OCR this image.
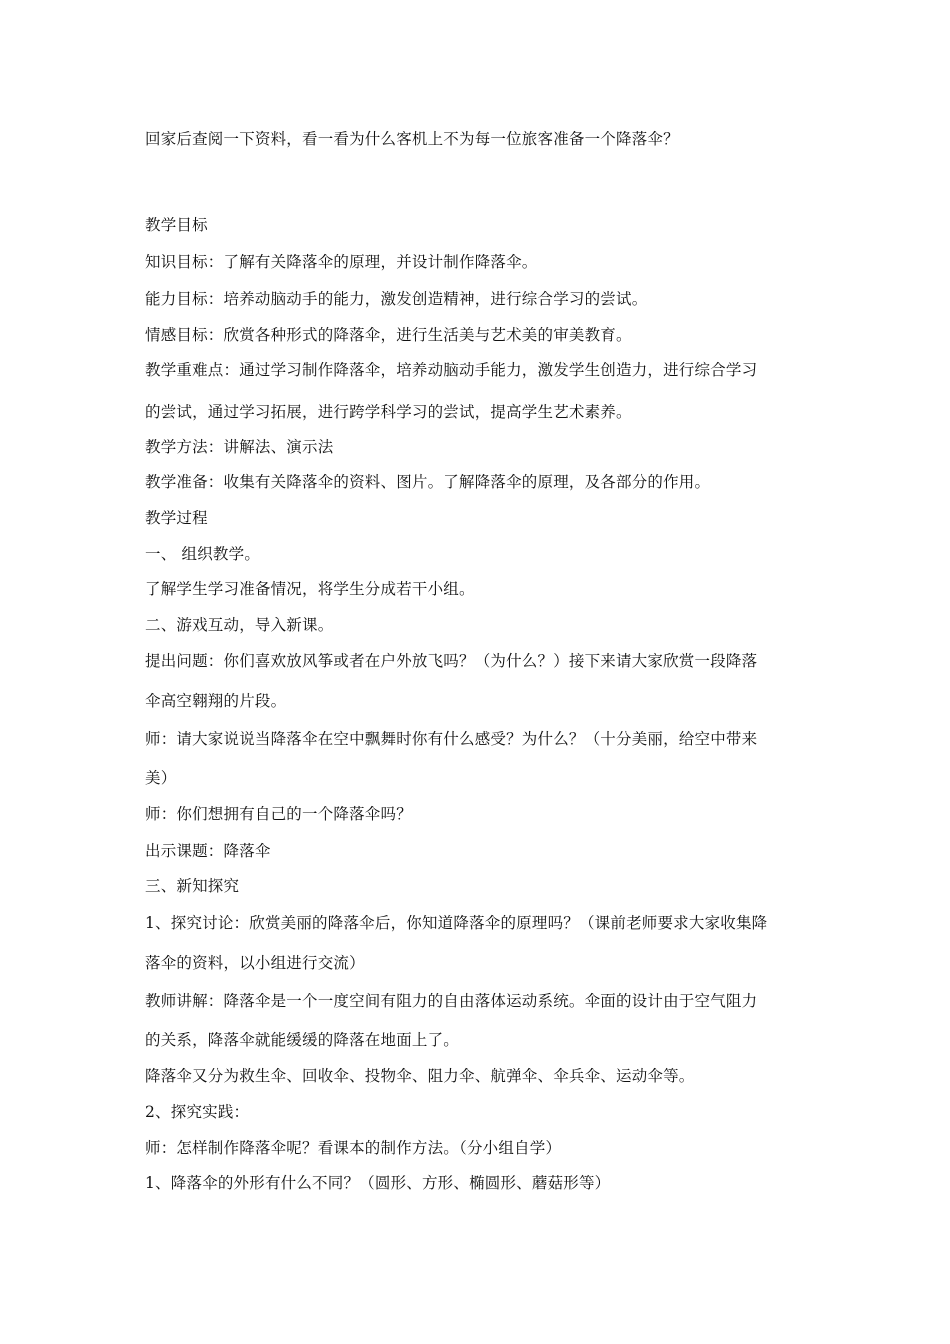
回家后查阅一下资料，看一看为什么客机上不为每一位旅客准备一个降落伞？
教学目标
知识目标：了解有关降落伞的原理，并设计制作降落伞。
能力目标：培养动脑动手的能力，激发创造精神，进行综合学习的尝试。
情感目标：欣赏各种形式的降落伞，进行生活美与艺术美的审美教育。
教学重难点：通过学习制作降落伞，培养动脑动手能力，激发学生创造力，进行综合学习
的尝试，通过学习拓展，进行跨学科学习的尝试，提高学生艺术素养。
教学方法：讲解法、演示法
教学准备：收集有关降落伞的资料、图片。了解降落伞的原理，及各部分的作用。
教学过程
一、 组织教学。
了解学生学习准备情况，将学生分成若干小组。
二、游戏互动，导入新课。
提出问题：你们喜欢放风筝或者在户外放飞吗？（为什么？）接下来请大家欣赏一段降落
伞高空翱翔的片段。
师：请大家说说当降落伞在空中飘舞时你有什么感受？为什么？（十分美丽，给空中带来
美）
师：你们想拥有自己的一个降落伞吗？
出示课题：降落伞
三、新知探究
1、探究讨论：欣赏美丽的降落伞后，你知道降落伞的原理吗？（课前老师要求大家收集降
落伞的资料，以小组进行交流）
教师讲解：降落伞是一个一度空间有阻力的自由落体运动系统。伞面的设计由于空气阻力
的关系，降落伞就能缓缓的降落在地面上了。
降落伞又分为救生伞、回收伞、投物伞、阻力伞、航弹伞、伞兵伞、运动伞等。
2、探究实践：
师：怎样制作降落伞呢？看课本的制作方法。（分小组自学）
1、降落伞的外形有什么不同？（圆形、方形、椭圆形、蘑菇形等）
